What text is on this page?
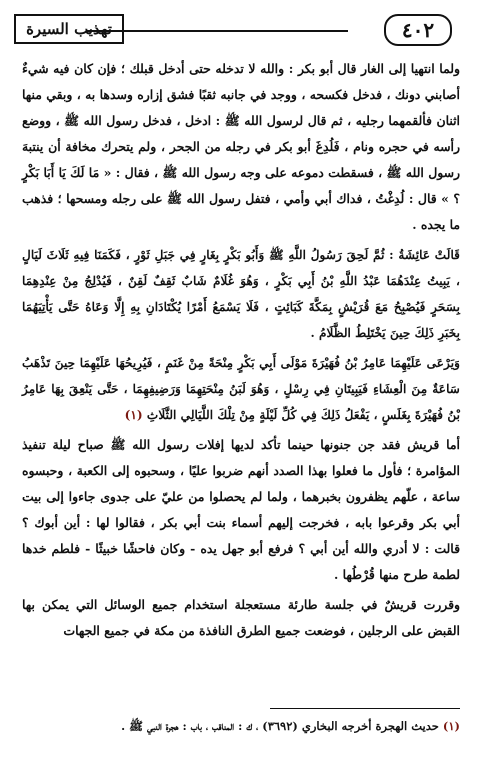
تهذيب السيرة	٤٠٢

ولما انتهيا إلى الغار قال أبو بكر : والله لا تدخله حتى أدخل قبلك ؛ فإن كان فيه شيءٌ أصابني دونك ، فدخل فكسحه ، ووجد في جانبه ثقبًا فشق إزاره وسدها به ، وبقي منها اثنان فألقمهما رجليه ، ثم قال لرسول الله ﷺ : ادخل ، فدخل رسول الله ﷺ ، ووضع رأسه في حجره ونام ، فَلُدِغَ أبو بكر في رجله من الجحر ، ولم يتحرك مخافة أن ينتبهَ رسول الله ﷺ ، فسقطت دموعه على وجه رسول الله ﷺ ، فقال : « مَا لَكَ يَا أَبَا بَكْرٍ ؟ » قال : لُدِغْتُ ، فداك أبي وأمي ، فتفل رسول الله ﷺ على رجله ومسحها ؛ فذهب ما يجده .

قَالَتْ عَائِشَةُ : ثُمَّ لَحِقَ رَسُولُ اللَّهِ ﷺ وَأَبُو بَكْرٍ بِغَارٍ فِي جَبَلِ ثَوْرٍ ، فَكَمَنَا فِيهِ ثَلَاثَ لَيَالٍ ، يَبِيتُ عِنْدَهُمَا عَبْدُ اللَّهِ بْنُ أَبِي بَكْرٍ ، وَهُوَ غُلَامٌ شَابٌ ثَقِفٌ لَقِنٌ ، فَيُدْلِجُ مِنْ عِنْدِهِمَا بِسَحَرٍ فَيُصْبِحُ مَعَ قُرَيْشٍ بِمَكَّةَ كَبَائِتٍ ، فَلَا يَسْمَعُ أَمْرًا يُكْتَادَانِ بِهِ إِلَّا وَعَاهُ حَتَّى يَأْتِيَهُمَا بِخَبَرِ ذَلِكَ حِينَ يَخْتَلِطُ الظَّلَامُ .

وَيَرْعَى عَلَيْهِمَا عَامِرُ بْنُ فُهَيْرَةَ مَوْلَى أَبِي بَكْرٍ مِنْحَةً مِنْ غَنَمٍ ، فَيُرِيحُهَا عَلَيْهِمَا حِينَ تَذْهَبُ سَاعَةٌ مِنَ الْعِشَاءِ فَيَبِيتَانِ فِي رِسْلٍ ، وَهُوَ لَبَنُ مِنْحَتِهِمَا وَرَضِيفِهِمَا ، حَتَّى يَنْعِقَ بِهَا عَامِرُ بْنُ فُهَيْرَةَ بِغَلَسٍ ، يَفْعَلُ ذَلِكَ فِي كُلِّ لَيْلَةٍ مِنْ تِلْكَ اللَّيَالِي الثَّلَاثِ (١)

أما قريش فقد جن جنونها حينما تأكد لديها إفلات رسول الله ﷺ صباح ليلة تنفيذ المؤامرة ؛ فأول ما فعلوا بهذا الصدد أنهم ضربوا عليًا ، وسحبوه إلى الكعبة ، وحبسوه ساعة ، علّهم يظفرون بخبرهما ، ولما لم يحصلوا من عليّ على جدوى جاءوا إلى بيت أبي بكر وقرعوا بابه ، فخرجت إليهم أسماء بنت أبي بكر ، فقالوا لها : أين أبوك ؟ قالت : لا أدري والله أين أبي ؟ فرفع أبو جهل يده - وكان فاحشًا خبيثًا - فلطم خدها لطمة طرح منها قُرْطُها .

وقررت قريشٌ في جلسة طارئة مستعجلة استخدام جميع الوسائل التي يمكن بها القبض على الرجلين ، فوضعت جميع الطرق النافذة من مكة في جميع الجهات

(١) حديث الهجرة أخرجه البخاري (٣٦٩٢) ، ك : المناقب ، باب : هجرة النبي ﷺ .
